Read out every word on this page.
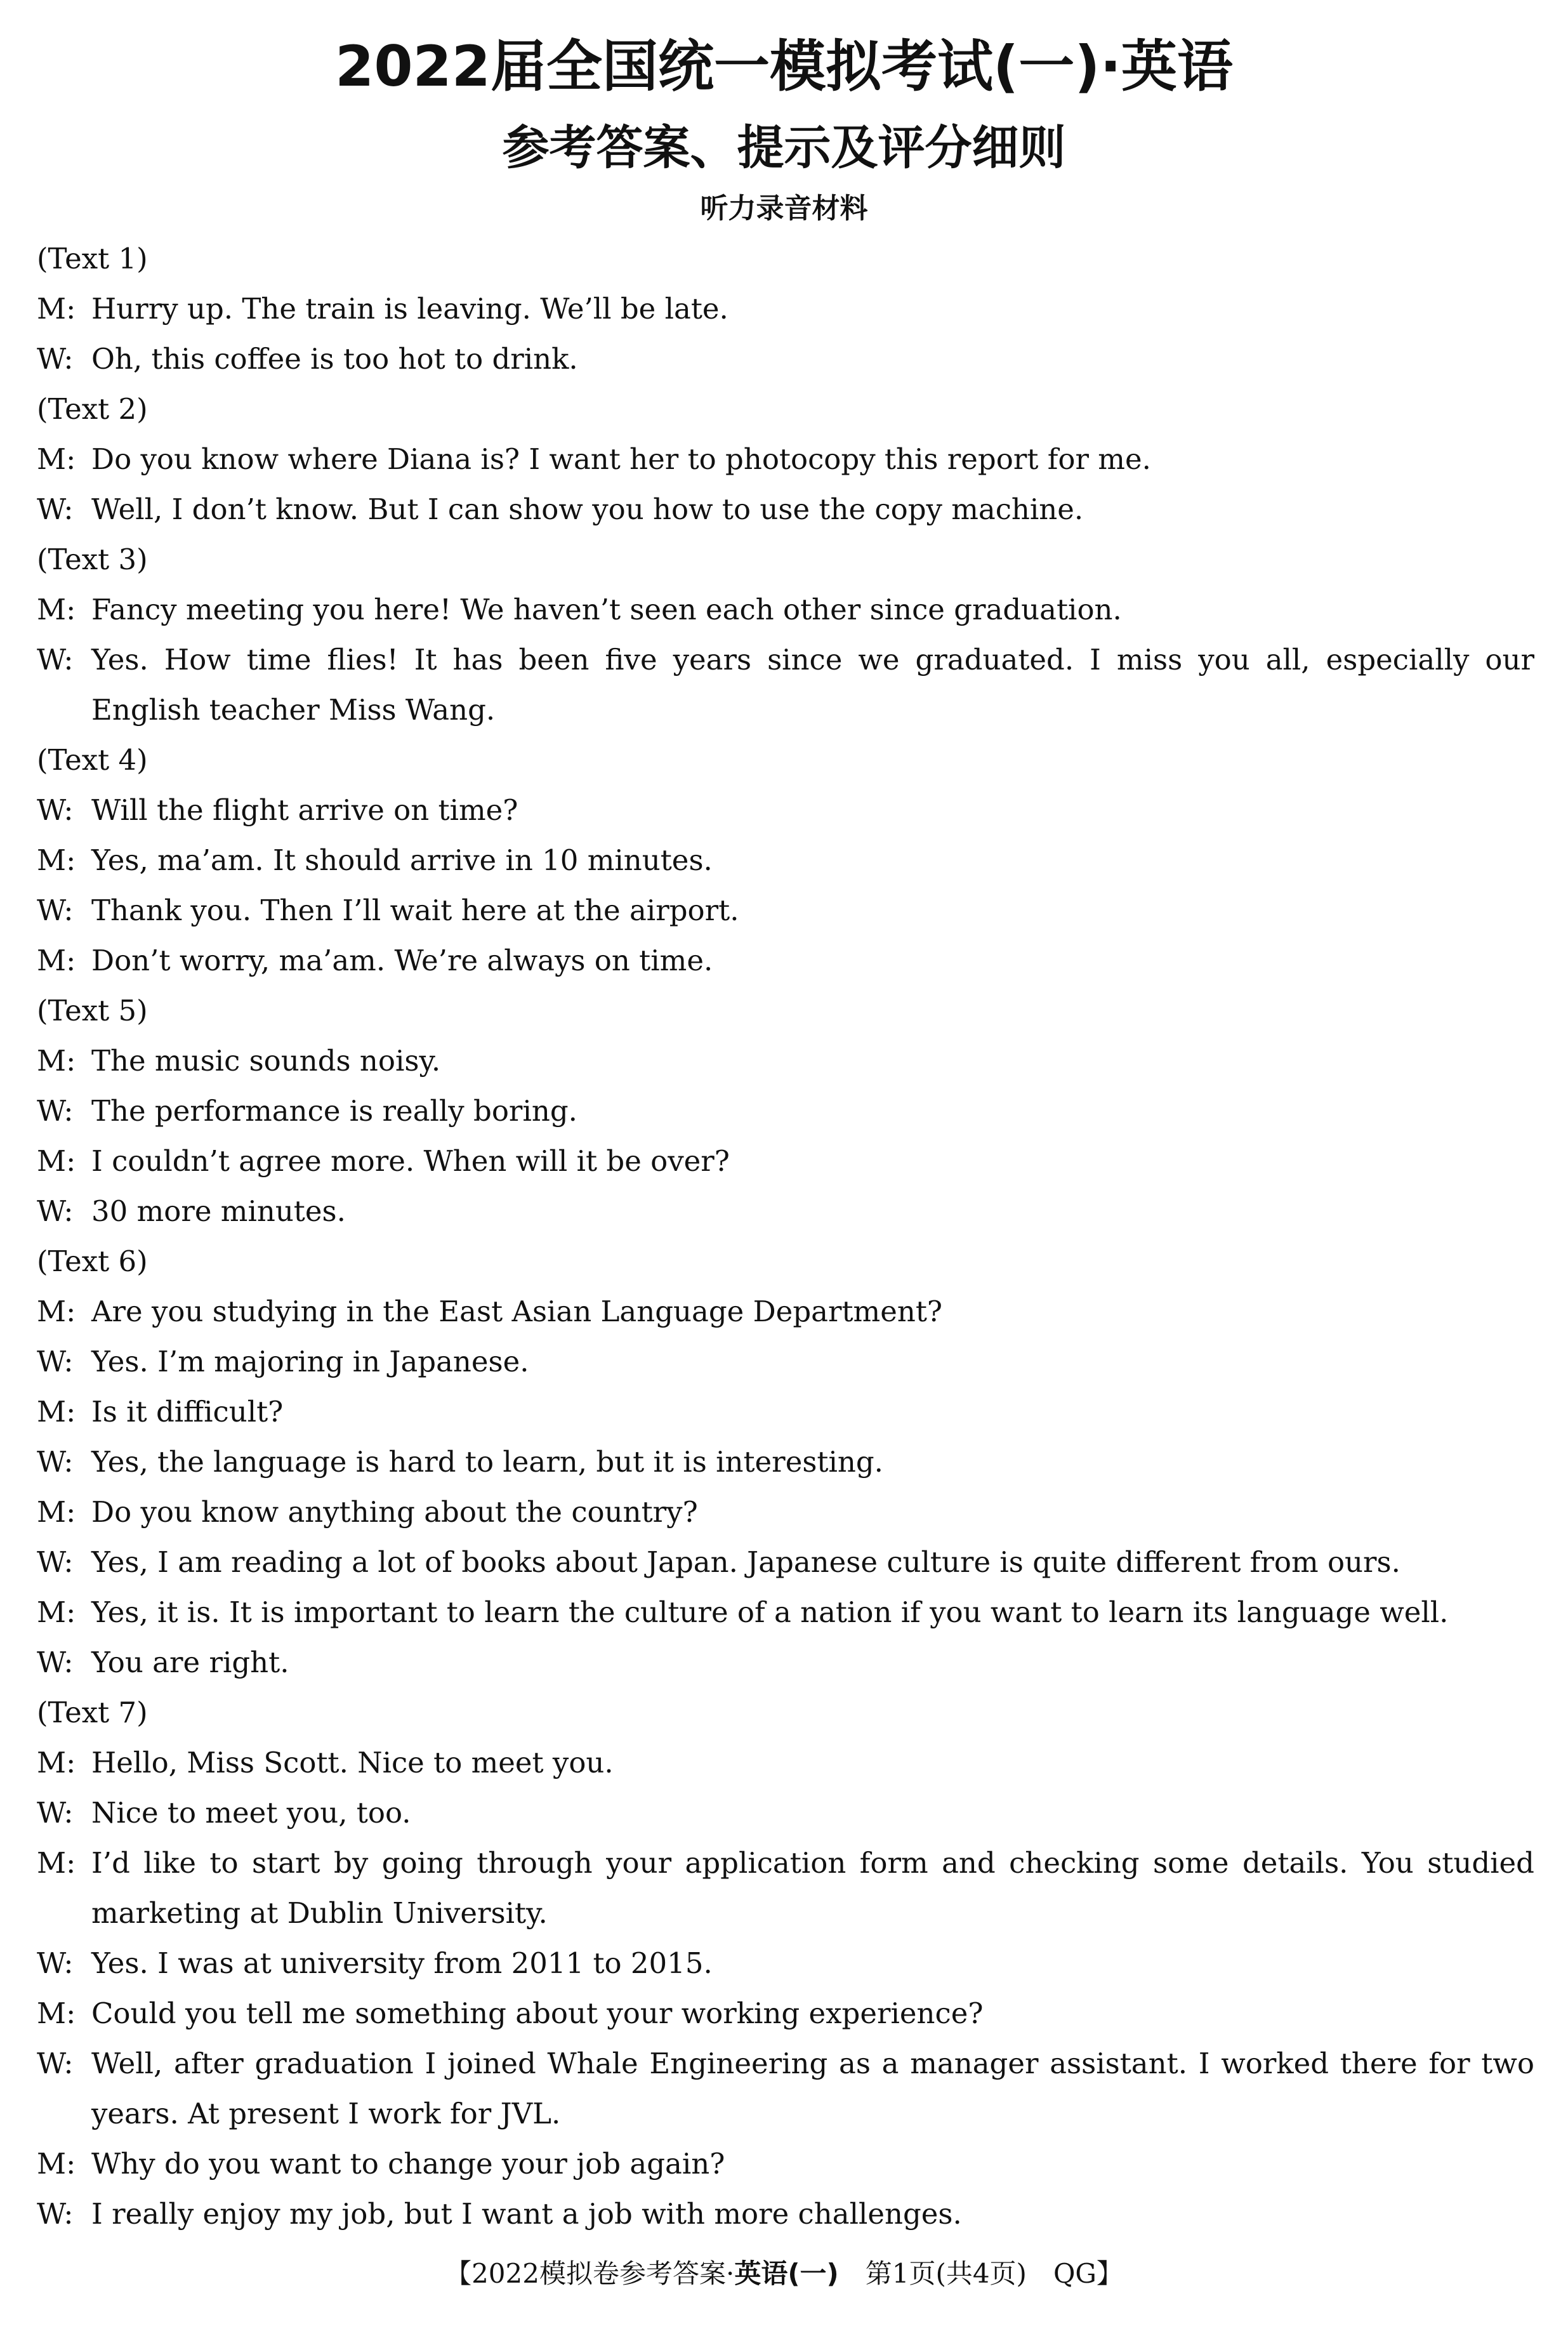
2022届全国统一模拟考试(一)·英语
参考答案、提示及评分细则
听力录音材料
(Text 1)
M: Hurry up. The train is leaving. We’ll be late.
W: Oh, this coffee is too hot to drink.
(Text 2)
M: Do you know where Diana is? I want her to photocopy this report for me.
W: Well, I don’t know. But I can show you how to use the copy machine.
(Text 3)
M: Fancy meeting you here! We haven’t seen each other since graduation.
W: Yes. How time flies! It has been five years since we graduated. I miss you all, especially our English teacher Miss Wang.
(Text 4)
W: Will the flight arrive on time?
M: Yes, ma’am. It should arrive in 10 minutes.
W: Thank you. Then I’ll wait here at the airport.
M: Don’t worry, ma’am. We’re always on time.
(Text 5)
M: The music sounds noisy.
W: The performance is really boring.
M: I couldn’t agree more. When will it be over?
W: 30 more minutes.
(Text 6)
M: Are you studying in the East Asian Language Department?
W: Yes. I’m majoring in Japanese.
M: Is it difficult?
W: Yes, the language is hard to learn, but it is interesting.
M: Do you know anything about the country?
W: Yes, I am reading a lot of books about Japan. Japanese culture is quite different from ours.
M: Yes, it is. It is important to learn the culture of a nation if you want to learn its language well.
W: You are right.
(Text 7)
M: Hello, Miss Scott. Nice to meet you.
W: Nice to meet you, too.
M: I’d like to start by going through your application form and checking some details. You studied marketing at Dublin University.
W: Yes. I was at university from 2011 to 2015.
M: Could you tell me something about your working experience?
W: Well, after graduation I joined Whale Engineering as a manager assistant. I worked there for two years. At present I work for JVL.
M: Why do you want to change your job again?
W: I really enjoy my job, but I want a job with more challenges.
【2022模拟卷参考答案·英语(一)  第1页(共4页)  QG】
